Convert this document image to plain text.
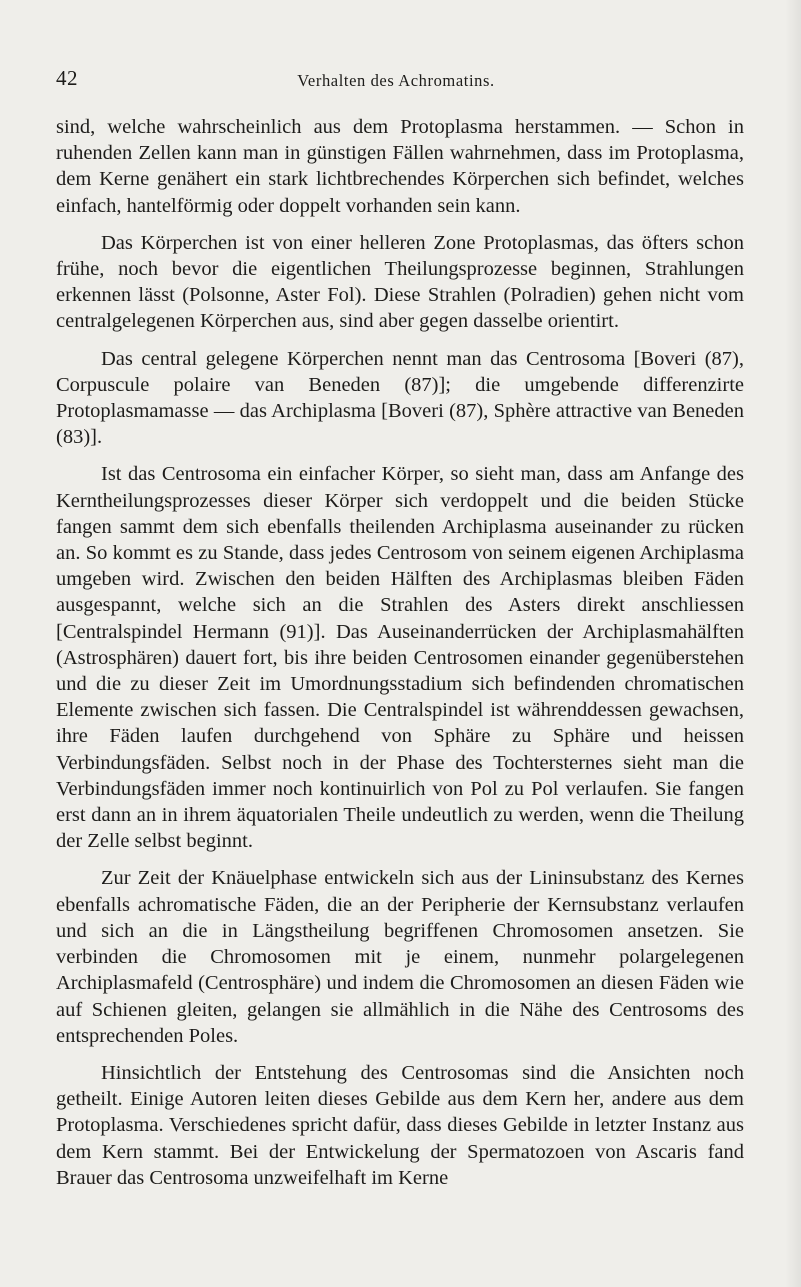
42	Verhalten des Achromatins.

sind, welche wahrscheinlich aus dem Protoplasma herstammen. — Schon in ruhenden Zellen kann man in günstigen Fällen wahrnehmen, dass im Protoplasma, dem Kerne genähert ein stark lichtbrechendes Körperchen sich befindet, welches einfach, hantelförmig oder doppelt vorhanden sein kann.

Das Körperchen ist von einer helleren Zone Protoplasmas, das öfters schon frühe, noch bevor die eigentlichen Theilungsprozesse beginnen, Strahlungen erkennen lässt (Polsonne, Aster Fol). Diese Strahlen (Polradien) gehen nicht vom centralgelegenen Körperchen aus, sind aber gegen dasselbe orientirt.

Das central gelegene Körperchen nennt man das Centrosoma [Boveri (87), Corpuscule polaire van Beneden (87)]; die umgebende differenzirte Protoplasmamasse — das Archiplasma [Boveri (87), Sphère attractive van Beneden (83)].

Ist das Centrosoma ein einfacher Körper, so sieht man, dass am Anfange des Kerntheilungsprozesses dieser Körper sich verdoppelt und die beiden Stücke fangen sammt dem sich ebenfalls theilenden Archiplasma auseinander zu rücken an. So kommt es zu Stande, dass jedes Centrosom von seinem eigenen Archiplasma umgeben wird. Zwischen den beiden Hälften des Archiplasmas bleiben Fäden ausgespannt, welche sich an die Strahlen des Asters direkt anschliessen [Centralspindel Hermann (91)]. Das Auseinanderrücken der Archiplasmahälften (Astrosphären) dauert fort, bis ihre beiden Centrosomen einander gegenüberstehen und die zu dieser Zeit im Umordnungsstadium sich befindenden chromatischen Elemente zwischen sich fassen. Die Centralspindel ist währenddessen gewachsen, ihre Fäden laufen durchgehend von Sphäre zu Sphäre und heissen Verbindungsfäden. Selbst noch in der Phase des Tochtersternes sieht man die Verbindungsfäden immer noch kontinuirlich von Pol zu Pol verlaufen. Sie fangen erst dann an in ihrem äquatorialen Theile undeutlich zu werden, wenn die Theilung der Zelle selbst beginnt.

Zur Zeit der Knäuelphase entwickeln sich aus der Lininsubstanz des Kernes ebenfalls achromatische Fäden, die an der Peripherie der Kernsubstanz verlaufen und sich an die in Längstheilung begriffenen Chromosomen ansetzen. Sie verbinden die Chromosomen mit je einem, nunmehr polargelegenen Archiplasmafeld (Centrosphäre) und indem die Chromosomen an diesen Fäden wie auf Schienen gleiten, gelangen sie allmählich in die Nähe des Centrosoms des entsprechenden Poles.

Hinsichtlich der Entstehung des Centrosomas sind die Ansichten noch getheilt. Einige Autoren leiten dieses Gebilde aus dem Kern her, andere aus dem Protoplasma. Verschiedenes spricht dafür, dass dieses Gebilde in letzter Instanz aus dem Kern stammt. Bei der Entwickelung der Spermatozoen von Ascaris fand Brauer das Centrosoma unzweifelhaft im Kerne
